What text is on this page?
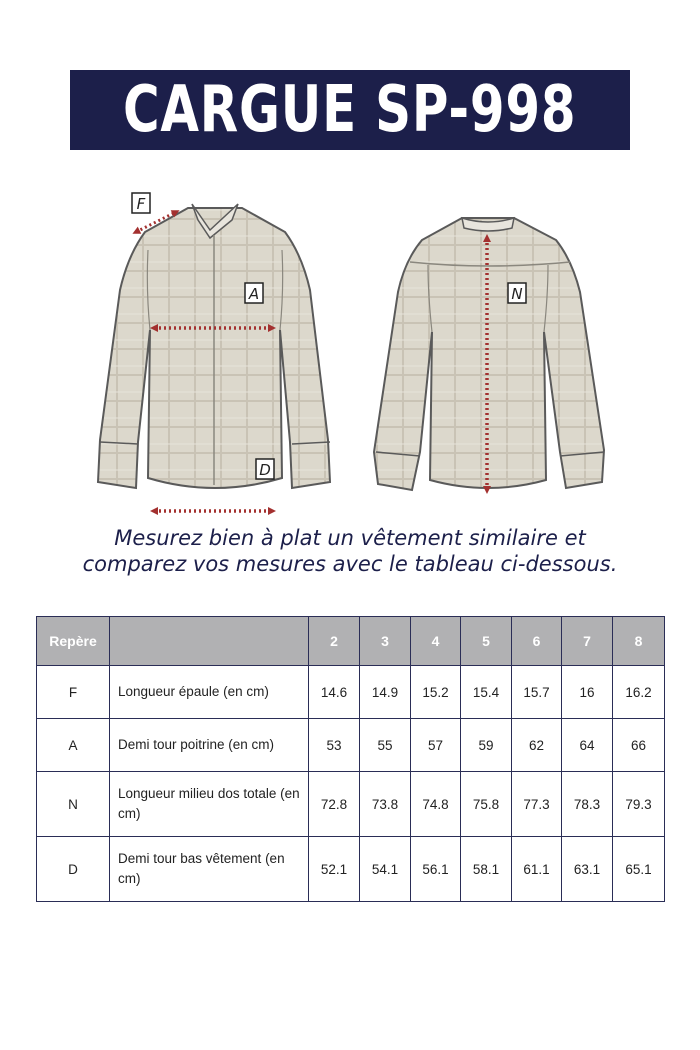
CARGUE SP-998
F
A
D
N
Mesurez bien à plat un vêtement similaire et
comparez vos mesures avec le tableau ci-dessous.
Repère		2	3	4	5	6	7	8
F	Longueur épaule (en cm)	14.6	14.9	15.2	15.4	15.7	16	16.2
A	Demi tour poitrine (en cm)	53	55	57	59	62	64	66
N	Longueur milieu dos totale (en cm)	72.8	73.8	74.8	75.8	77.3	78.3	79.3
D	Demi tour bas vêtement (en cm)	52.1	54.1	56.1	58.1	61.1	63.1	65.1
